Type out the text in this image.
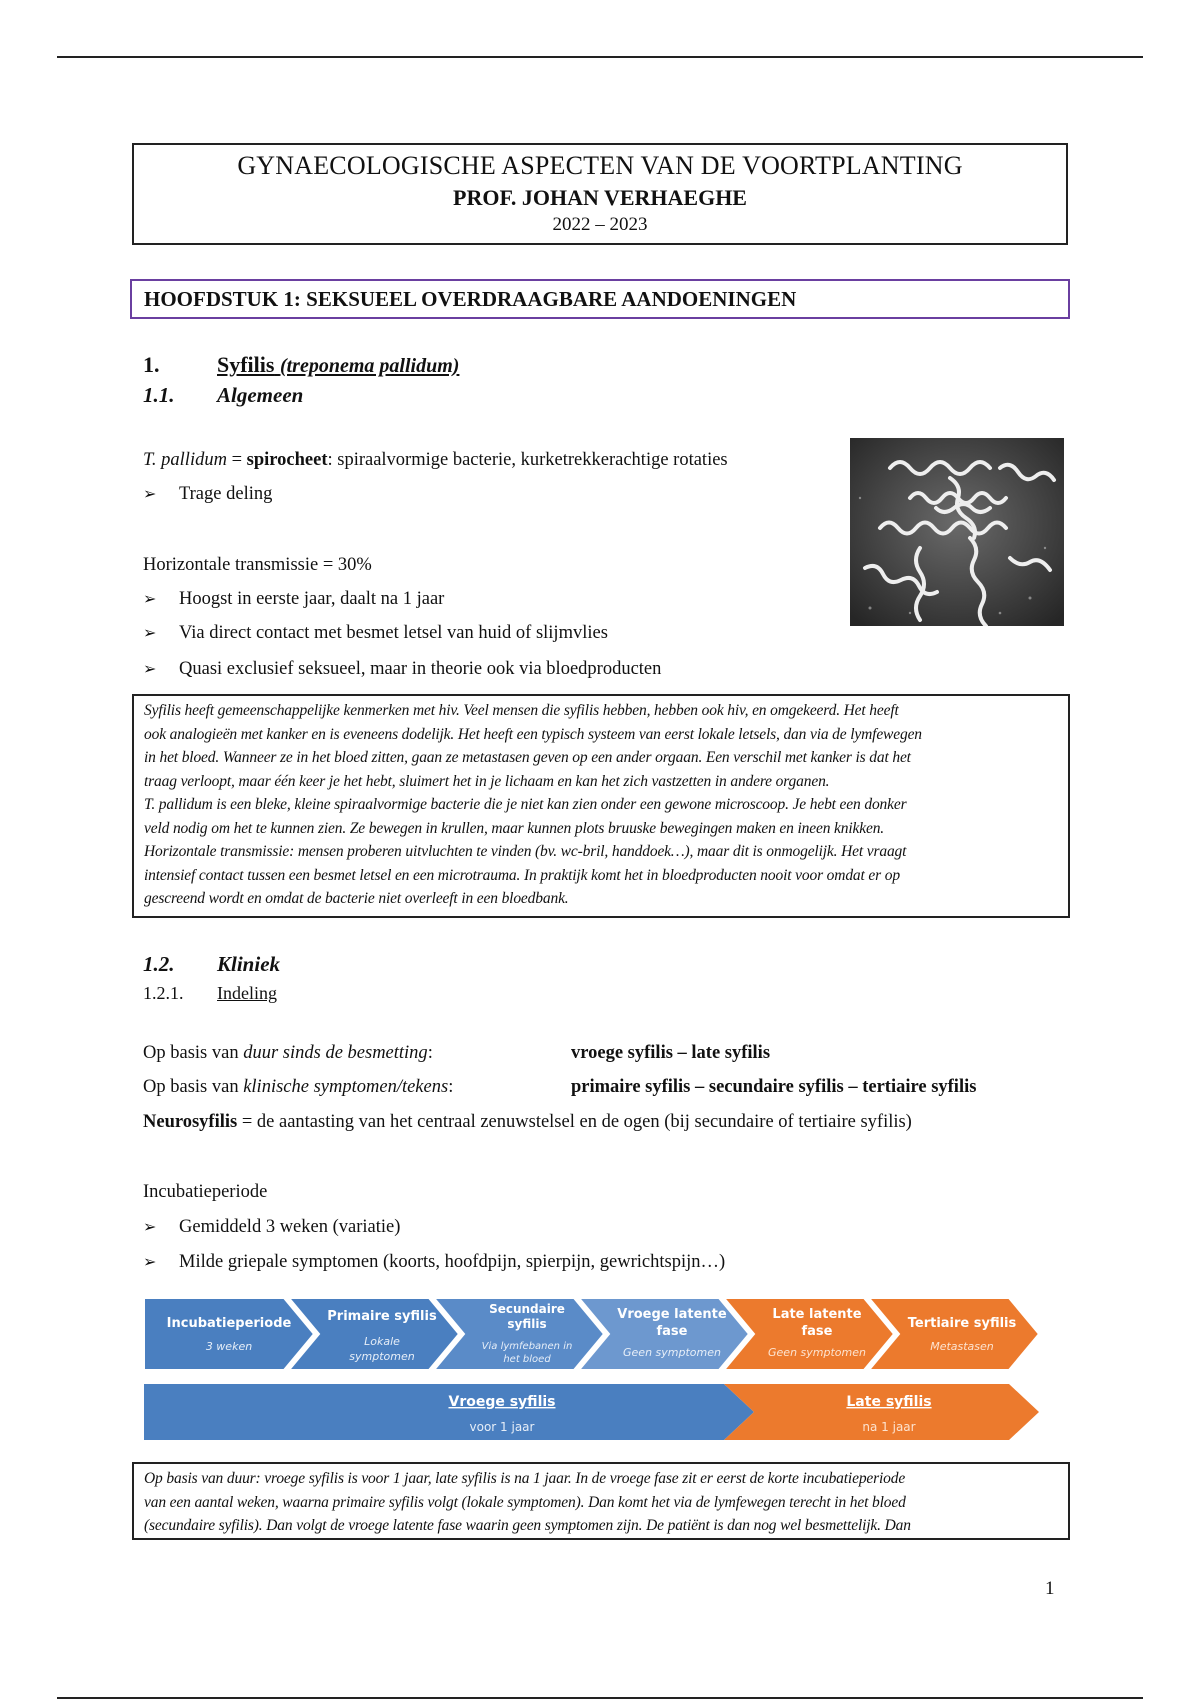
GYNAECOLOGISCHE ASPECTEN VAN DE VOORTPLANTING
PROF. JOHAN VERHAEGHE
2022 – 2023
HOOFDSTUK 1: SEKSUEEL OVERDRAAGBARE AANDOENINGEN
1.	Syfilis (treponema pallidum)
1.1. Algemeen
T. pallidum = spirocheet: spiraalvormige bacterie, kurketrekkerachtige rotaties
➢ Trage deling
Horizontale transmissie = 30%
➢ Hoogst in eerste jaar, daalt na 1 jaar
➢ Via direct contact met besmet letsel van huid of slijmvlies
➢ Quasi exclusief seksueel, maar in theorie ook via bloedproducten
Syfilis heeft gemeenschappelijke kenmerken met hiv. Veel mensen die syfilis hebben, hebben ook hiv, en omgekeerd. Het heeft
ook analogieën met kanker en is eveneens dodelijk. Het heeft een typisch systeem van eerst lokale letsels, dan via de lymfewegen
in het bloed. Wanneer ze in het bloed zitten, gaan ze metastasen geven op een ander orgaan. Een verschil met kanker is dat het
traag verloopt, maar één keer je het hebt, sluimert het in je lichaam en kan het zich vastzetten in andere organen.
T. pallidum is een bleke, kleine spiraalvormige bacterie die je niet kan zien onder een gewone microscoop. Je hebt een donker
veld nodig om het te kunnen zien. Ze bewegen in krullen, maar kunnen plots bruuske bewegingen maken en ineen knikken.
Horizontale transmissie: mensen proberen uitvluchten te vinden (bv. wc-bril, handdoek…), maar dit is onmogelijk. Het vraagt
intensief contact tussen een besmet letsel en een microtrauma. In praktijk komt het in bloedproducten nooit voor omdat er op
gescreend wordt en omdat de bacterie niet overleeft in een bloedbank.
1.2. Kliniek
1.2.1. Indeling
Op basis van duur sinds de besmetting:	vroege syfilis – late syfilis
Op basis van klinische symptomen/tekens:	primaire syfilis – secundaire syfilis – tertiaire syfilis
Neurosyfilis = de aantasting van het centraal zenuwstelsel en de ogen (bij secundaire of tertiaire syfilis)
Incubatieperiode
➢ Gemiddeld 3 weken (variatie)
➢ Milde griepale symptomen (koorts, hoofdpijn, spierpijn, gewrichtspijn…)
Incubatieperiode
3 weken
Primaire syfilis
Lokale
symptomen
Secundaire
syfilis
Via lymfebanen in
het bloed
Vroege latente
fase
Geen symptomen
Late latente
fase
Geen symptomen
Tertiaire syfilis
Metastasen
Vroege syfilis
voor 1 jaar
Late syfilis
na 1 jaar
Op basis van duur: vroege syfilis is voor 1 jaar, late syfilis is na 1 jaar. In de vroege fase zit er eerst de korte incubatieperiode
van een aantal weken, waarna primaire syfilis volgt (lokale symptomen). Dan komt het via de lymfewegen terecht in het bloed
(secundaire syfilis). Dan volgt de vroege latente fase waarin geen symptomen zijn. De patiënt is dan nog wel besmettelijk. Dan
1
